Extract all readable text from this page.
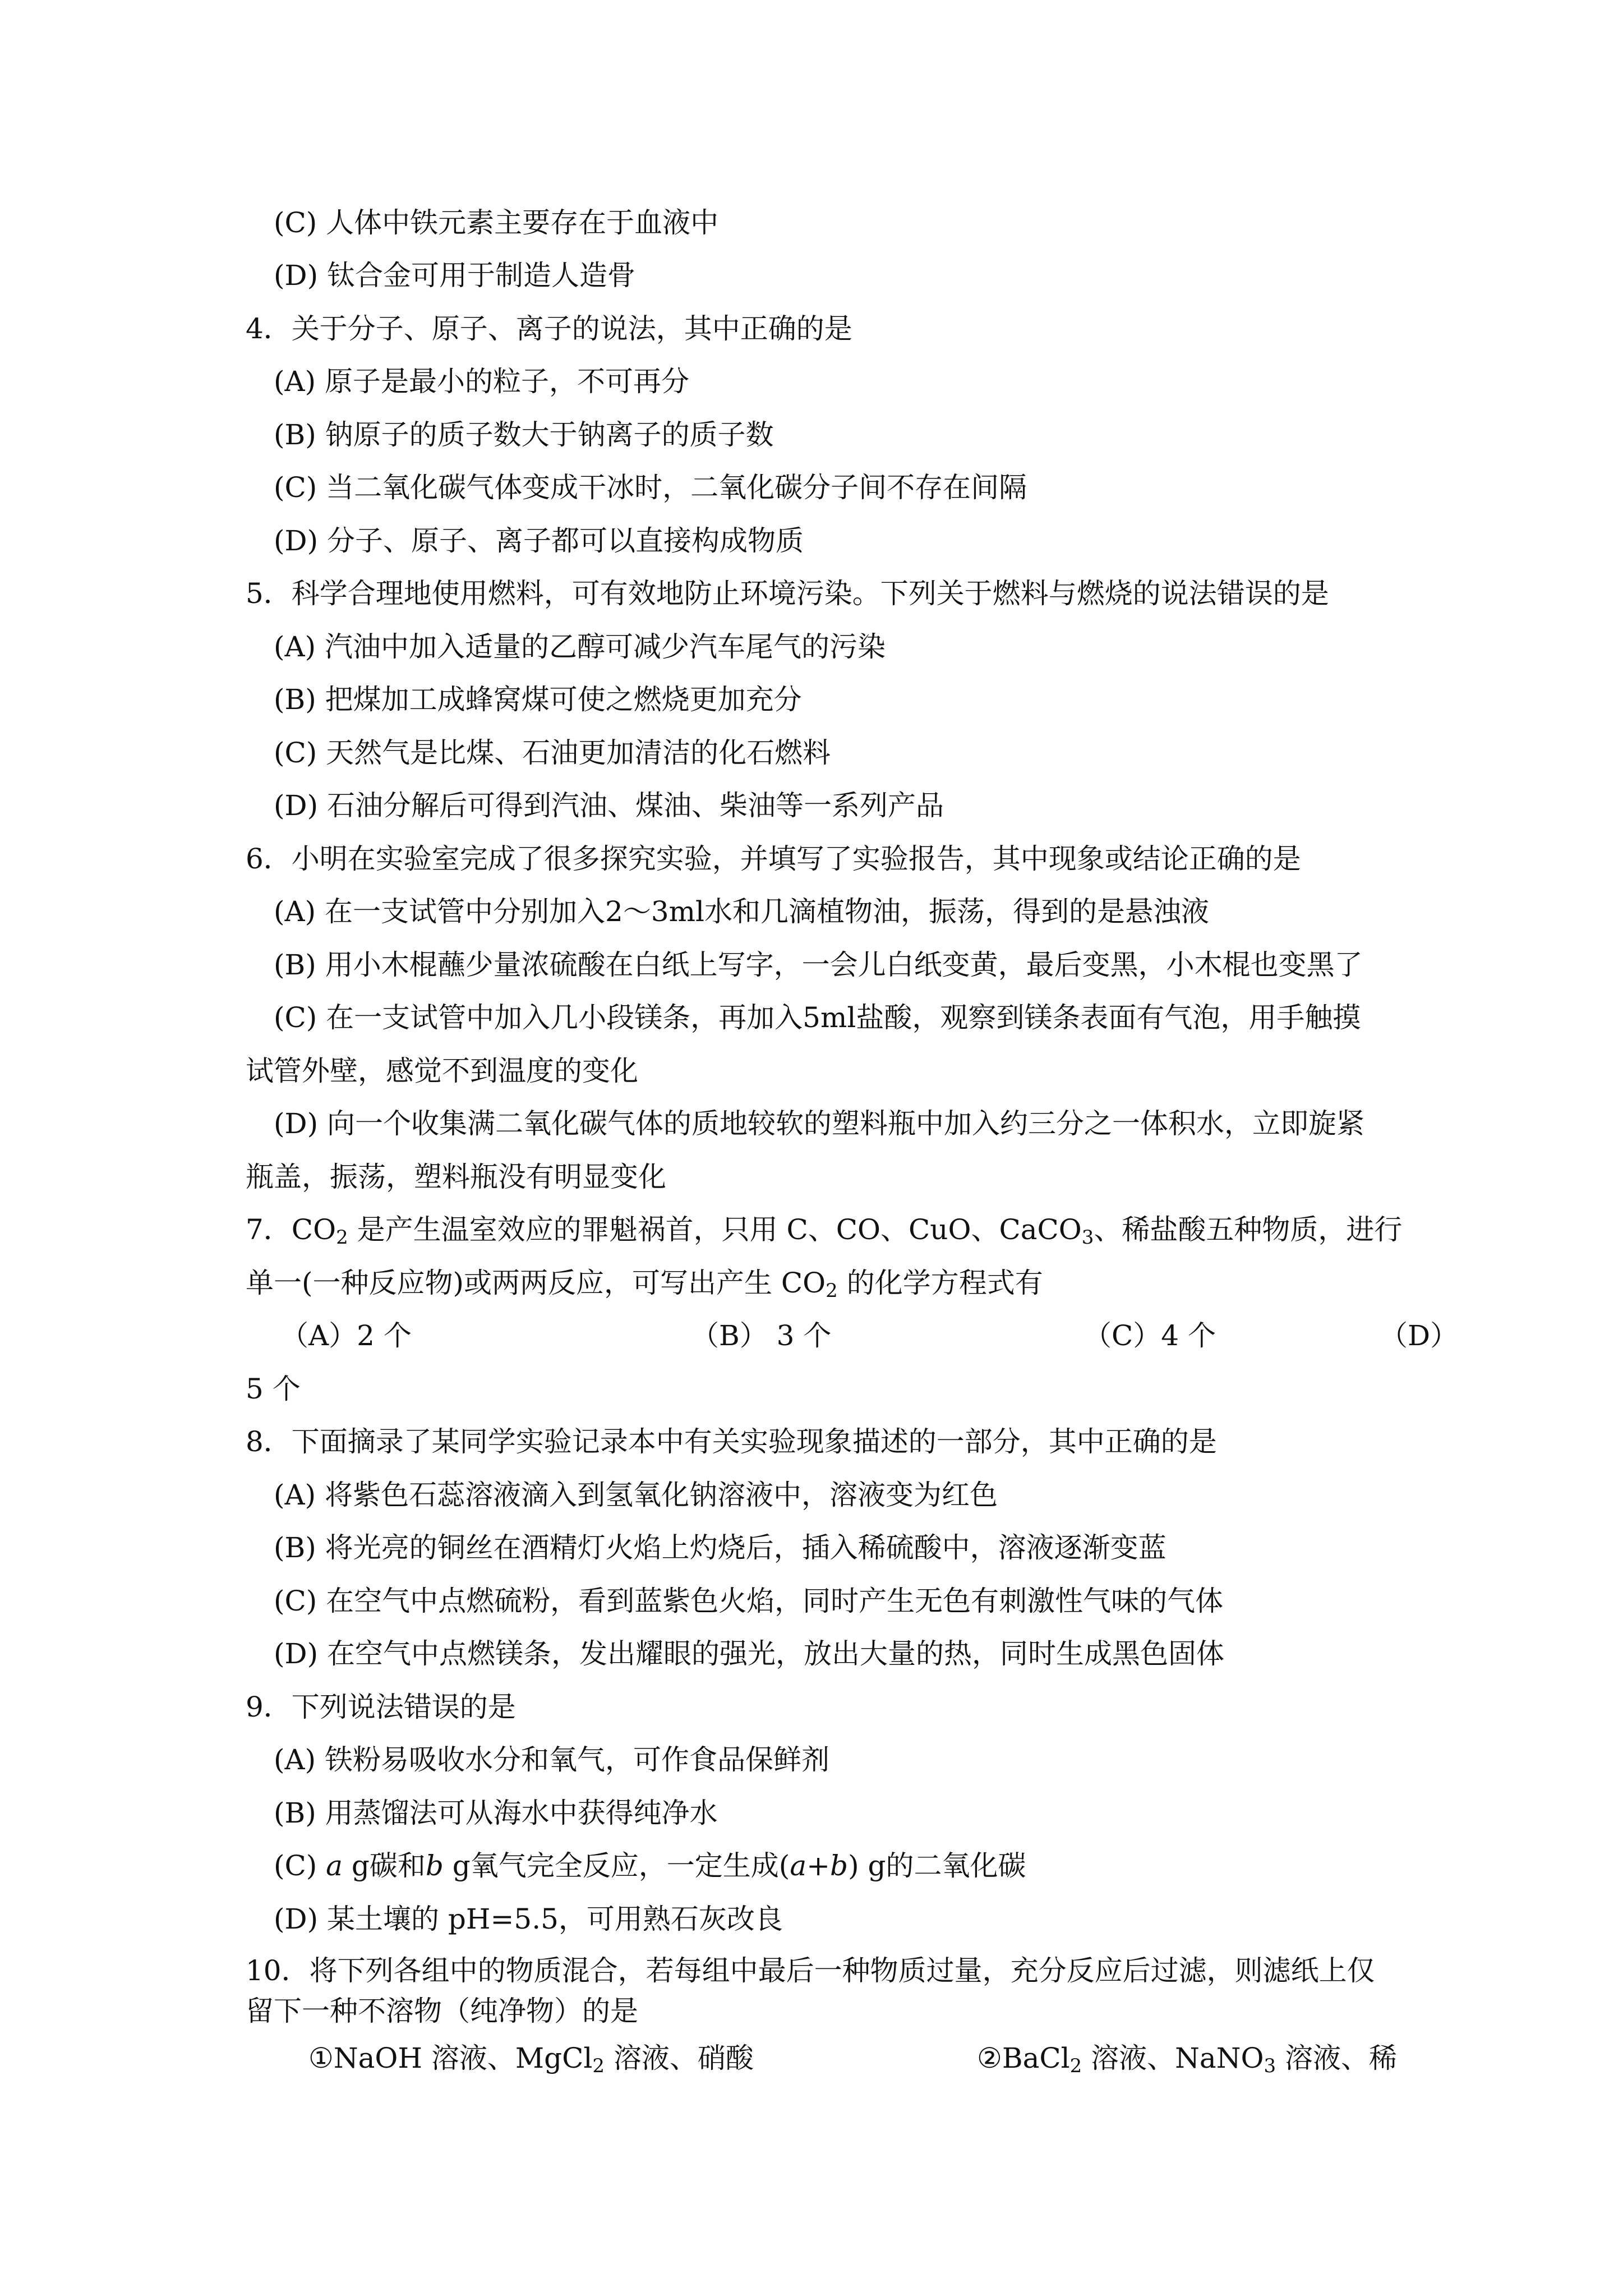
(C) 人体中铁元素主要存在于血液中
(D) 钛合金可用于制造人造骨
4．关于分子、原子、离子的说法，其中正确的是
(A) 原子是最小的粒子，不可再分
(B) 钠原子的质子数大于钠离子的质子数
(C) 当二氧化碳气体变成干冰时，二氧化碳分子间不存在间隔
(D) 分子、原子、离子都可以直接构成物质
5．科学合理地使用燃料，可有效地防止环境污染。下列关于燃料与燃烧的说法错误的是
(A) 汽油中加入适量的乙醇可减少汽车尾气的污染
(B) 把煤加工成蜂窝煤可使之燃烧更加充分
(C) 天然气是比煤、石油更加清洁的化石燃料
(D) 石油分解后可得到汽油、煤油、柴油等一系列产品
6．小明在实验室完成了很多探究实验，并填写了实验报告，其中现象或结论正确的是
(A) 在一支试管中分别加入2～3ml水和几滴植物油，振荡，得到的是悬浊液
(B) 用小木棍蘸少量浓硫酸在白纸上写字，一会儿白纸变黄，最后变黑，小木棍也变黑了
(C) 在一支试管中加入几小段镁条，再加入5ml盐酸，观察到镁条表面有气泡，用手触摸
试管外壁，感觉不到温度的变化
(D) 向一个收集满二氧化碳气体的质地较软的塑料瓶中加入约三分之一体积水，立即旋紧
瓶盖，振荡，塑料瓶没有明显变化
7．$CO_2$ 是产生温室效应的罪魁祸首，只用 C、CO、CuO、CaCO$_3$、稀盐酸五种物质，进行
单一(一种反应物)或两两反应，可写出产生 $CO_2$ 的化学方程式有
（A）2 个	（B） 3 个	（C）4 个	（D）
5 个
8．下面摘录了某同学实验记录本中有关实验现象描述的一部分，其中正确的是
(A) 将紫色石蕊溶液滴入到氢氧化钠溶液中，溶液变为红色
(B) 将光亮的铜丝在酒精灯火焰上灼烧后，插入稀硫酸中，溶液逐渐变蓝
(C) 在空气中点燃硫粉，看到蓝紫色火焰，同时产生无色有刺激性气味的气体
(D) 在空气中点燃镁条，发出耀眼的强光，放出大量的热，同时生成黑色固体
9．下列说法错误的是
(A) 铁粉易吸收水分和氧气，可作食品保鲜剂
(B) 用蒸馏法可从海水中获得纯净水
(C) a g碳和b g氧气完全反应，一定生成(a+b) g的二氧化碳
(D) 某土壤的 pH=5.5，可用熟石灰改良
10．将下列各组中的物质混合，若每组中最后一种物质过量，充分反应后过滤，则滤纸上仅
留下一种不溶物（纯净物）的是
①NaOH 溶液、MgCl$_2$ 溶液、硝酸	②BaCl$_2$ 溶液、NaNO$_3$ 溶液、稀
